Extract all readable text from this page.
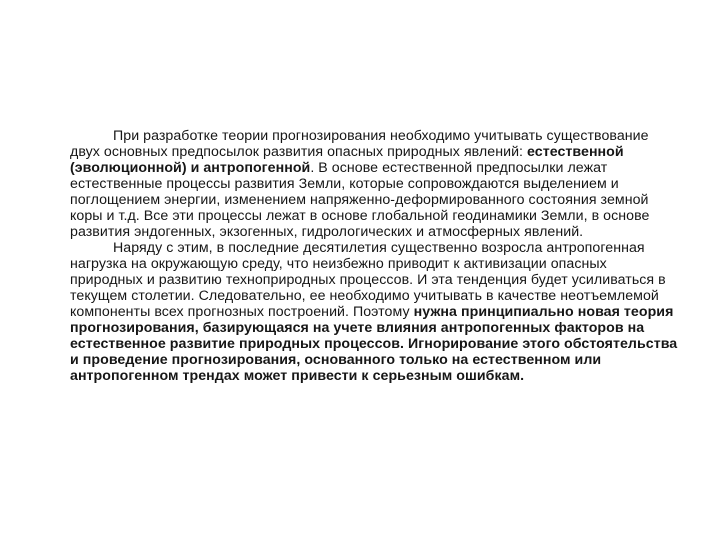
При разработке теории прогнозирования необходимо учитывать существование двух основных предпосылок развития опасных природных явлений: естественной (эволюционной) и антропогенной. В основе естественной предпосылки лежат естественные процессы развития Земли, которые сопровождаются выделением и поглощением энергии, изменением напряженно-деформированного состояния земной коры и т.д. Все эти процессы лежат в основе глобальной геодинамики Земли, в основе развития эндогенных, экзогенных, гидрологических и атмосферных явлений.

Наряду с этим, в последние десятилетия существенно возросла антропогенная нагрузка на окружающую среду, что неизбежно приводит к активизации опасных природных и развитию техноприродных процессов. И эта тенденция будет усиливаться в текущем столетии. Следовательно, ее необходимо учитывать в качестве неотъемлемой компоненты всех прогнозных построений. Поэтому нужна принципиально новая теория прогнозирования, базирующаяся на учете влияния антропогенных факторов на естественное развитие природных процессов. Игнорирование этого обстоятельства и проведение прогнозирования, основанного только на естественном или антропогенном трендах может привести к серьезным ошибкам.
